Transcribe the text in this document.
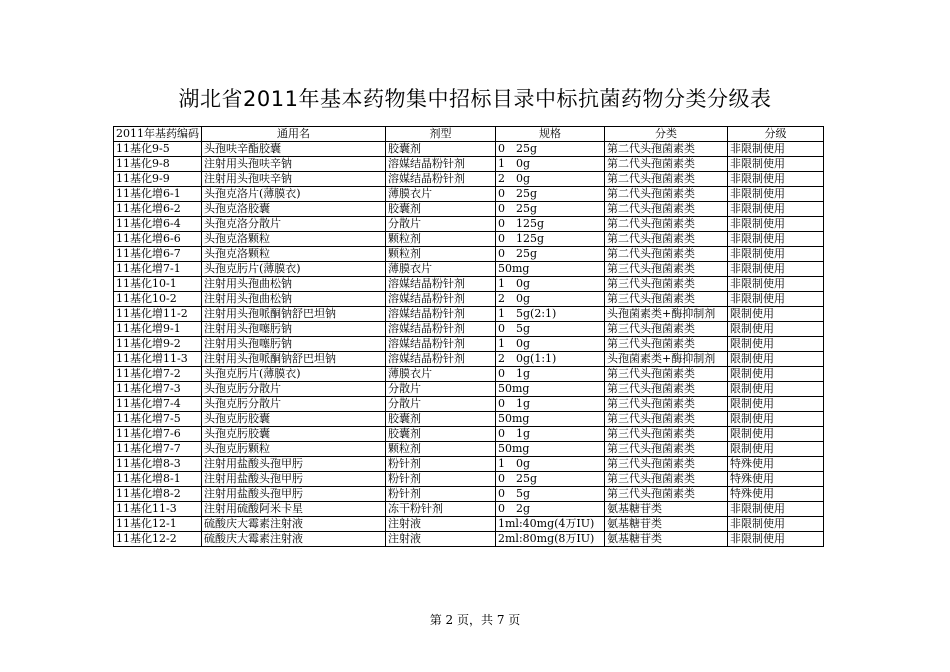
湖北省2011年基本药物集中招标目录中标抗菌药物分类分级表
2011年基药编码	通用名	剂型	规格	分类	分级
11基化9-5	头孢呋辛酯胶囊	胶囊剂	0　25g	第二代头孢菌素类	非限制使用
11基化9-8	注射用头孢呋辛钠	溶媒结晶粉针剂	1　0g	第二代头孢菌素类	非限制使用
11基化9-9	注射用头孢呋辛钠	溶媒结晶粉针剂	2　0g	第二代头孢菌素类	非限制使用
11基化增6-1	头孢克洛片(薄膜衣)	薄膜衣片	0　25g	第二代头孢菌素类	非限制使用
11基化增6-2	头孢克洛胶囊	胶囊剂	0　25g	第二代头孢菌素类	非限制使用
11基化增6-4	头孢克洛分散片	分散片	0　125g	第二代头孢菌素类	非限制使用
11基化增6-6	头孢克洛颗粒	颗粒剂	0　125g	第二代头孢菌素类	非限制使用
11基化增6-7	头孢克洛颗粒	颗粒剂	0　25g	第二代头孢菌素类	非限制使用
11基化增7-1	头孢克肟片(薄膜衣)	薄膜衣片	50mg	第三代头孢菌素类	非限制使用
11基化10-1	注射用头孢曲松钠	溶媒结晶粉针剂	1　0g	第三代头孢菌素类	非限制使用
11基化10-2	注射用头孢曲松钠	溶媒结晶粉针剂	2　0g	第三代头孢菌素类	非限制使用
11基化增11-2	注射用头孢哌酮钠舒巴坦钠	溶媒结晶粉针剂	1　5g(2:1)	头孢菌素类+酶抑制剂	限制使用
11基化增9-1	注射用头孢噻肟钠	溶媒结晶粉针剂	0　5g	第三代头孢菌素类	限制使用
11基化增9-2	注射用头孢噻肟钠	溶媒结晶粉针剂	1　0g	第三代头孢菌素类	限制使用
11基化增11-3	注射用头孢哌酮钠舒巴坦钠	溶媒结晶粉针剂	2　0g(1:1)	头孢菌素类+酶抑制剂	限制使用
11基化增7-2	头孢克肟片(薄膜衣)	薄膜衣片	0　1g	第三代头孢菌素类	限制使用
11基化增7-3	头孢克肟分散片	分散片	50mg	第三代头孢菌素类	限制使用
11基化增7-4	头孢克肟分散片	分散片	0　1g	第三代头孢菌素类	限制使用
11基化增7-5	头孢克肟胶囊	胶囊剂	50mg	第三代头孢菌素类	限制使用
11基化增7-6	头孢克肟胶囊	胶囊剂	0　1g	第三代头孢菌素类	限制使用
11基化增7-7	头孢克肟颗粒	颗粒剂	50mg	第三代头孢菌素类	限制使用
11基化增8-3	注射用盐酸头孢甲肟	粉针剂	1　0g	第三代头孢菌素类	特殊使用
11基化增8-1	注射用盐酸头孢甲肟	粉针剂	0　25g	第三代头孢菌素类	特殊使用
11基化增8-2	注射用盐酸头孢甲肟	粉针剂	0　5g	第三代头孢菌素类	特殊使用
11基化11-3	注射用硫酸阿米卡星	冻干粉针剂	0　2g	氨基糖苷类	非限制使用
11基化12-1	硫酸庆大霉素注射液	注射液	1ml:40mg(4万IU)	氨基糖苷类	非限制使用
11基化12-2	硫酸庆大霉素注射液	注射液	2ml:80mg(8万IU)	氨基糖苷类	非限制使用
第 2 页，共 7 页
